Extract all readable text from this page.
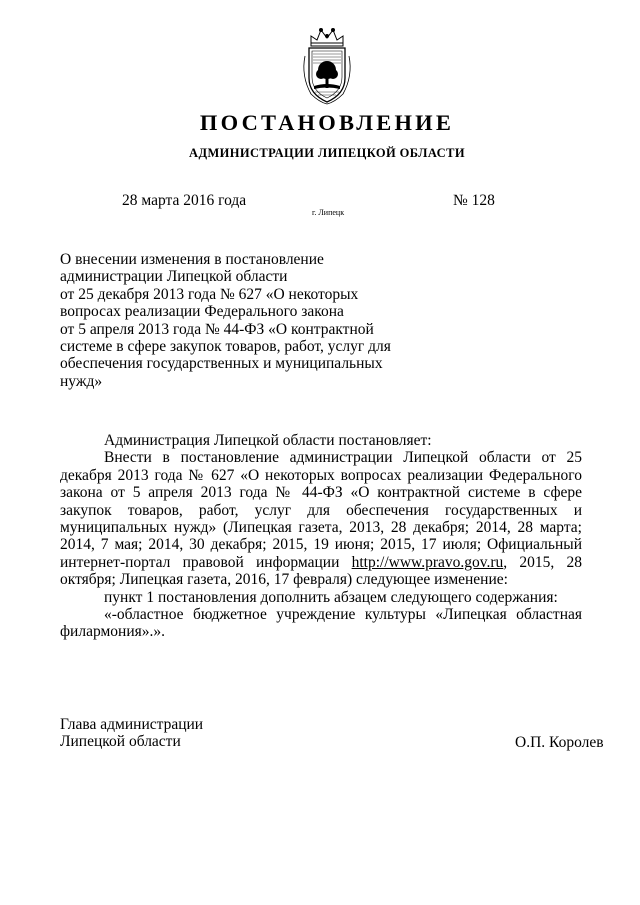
ПОСТАНОВЛЕНИЕ
АДМИНИСТРАЦИИ ЛИПЕЦКОЙ ОБЛАСТИ
28 марта 2016 года
г. Липецк
№ 128
О внесении изменения в постановление
администрации Липецкой области
от 25 декабря 2013 года № 627 «О некоторых
вопросах реализации Федерального закона
от 5 апреля 2013 года № 44-ФЗ «О контрактной
системе в сфере закупок товаров, работ, услуг для
обеспечения государственных и муниципальных
нужд»

Администрация Липецкой области постановляет:

Внести в постановление администрации Липецкой области от 25 декабря 2013 года № 627 «О некоторых вопросах реализации Федерального закона от 5 апреля 2013 года № 44-ФЗ «О контрактной системе в сфере закупок товаров, работ, услуг для обеспечения государственных и муниципальных нужд» (Липецкая газета, 2013, 28 декабря; 2014, 28 марта; 2014, 7 мая; 2014, 30 декабря; 2015, 19 июня; 2015, 17 июля; Официальный интернет-портал правовой информации http://www.pravo.gov.ru, 2015, 28 октября; Липецкая газета, 2016, 17 февраля) следующее изменение:

пункт 1 постановления дополнить абзацем следующего содержания:

«-областное бюджетное учреждение культуры «Липецкая областная филармония».».

Глава администрации
Липецкой области	О.П. Королев
